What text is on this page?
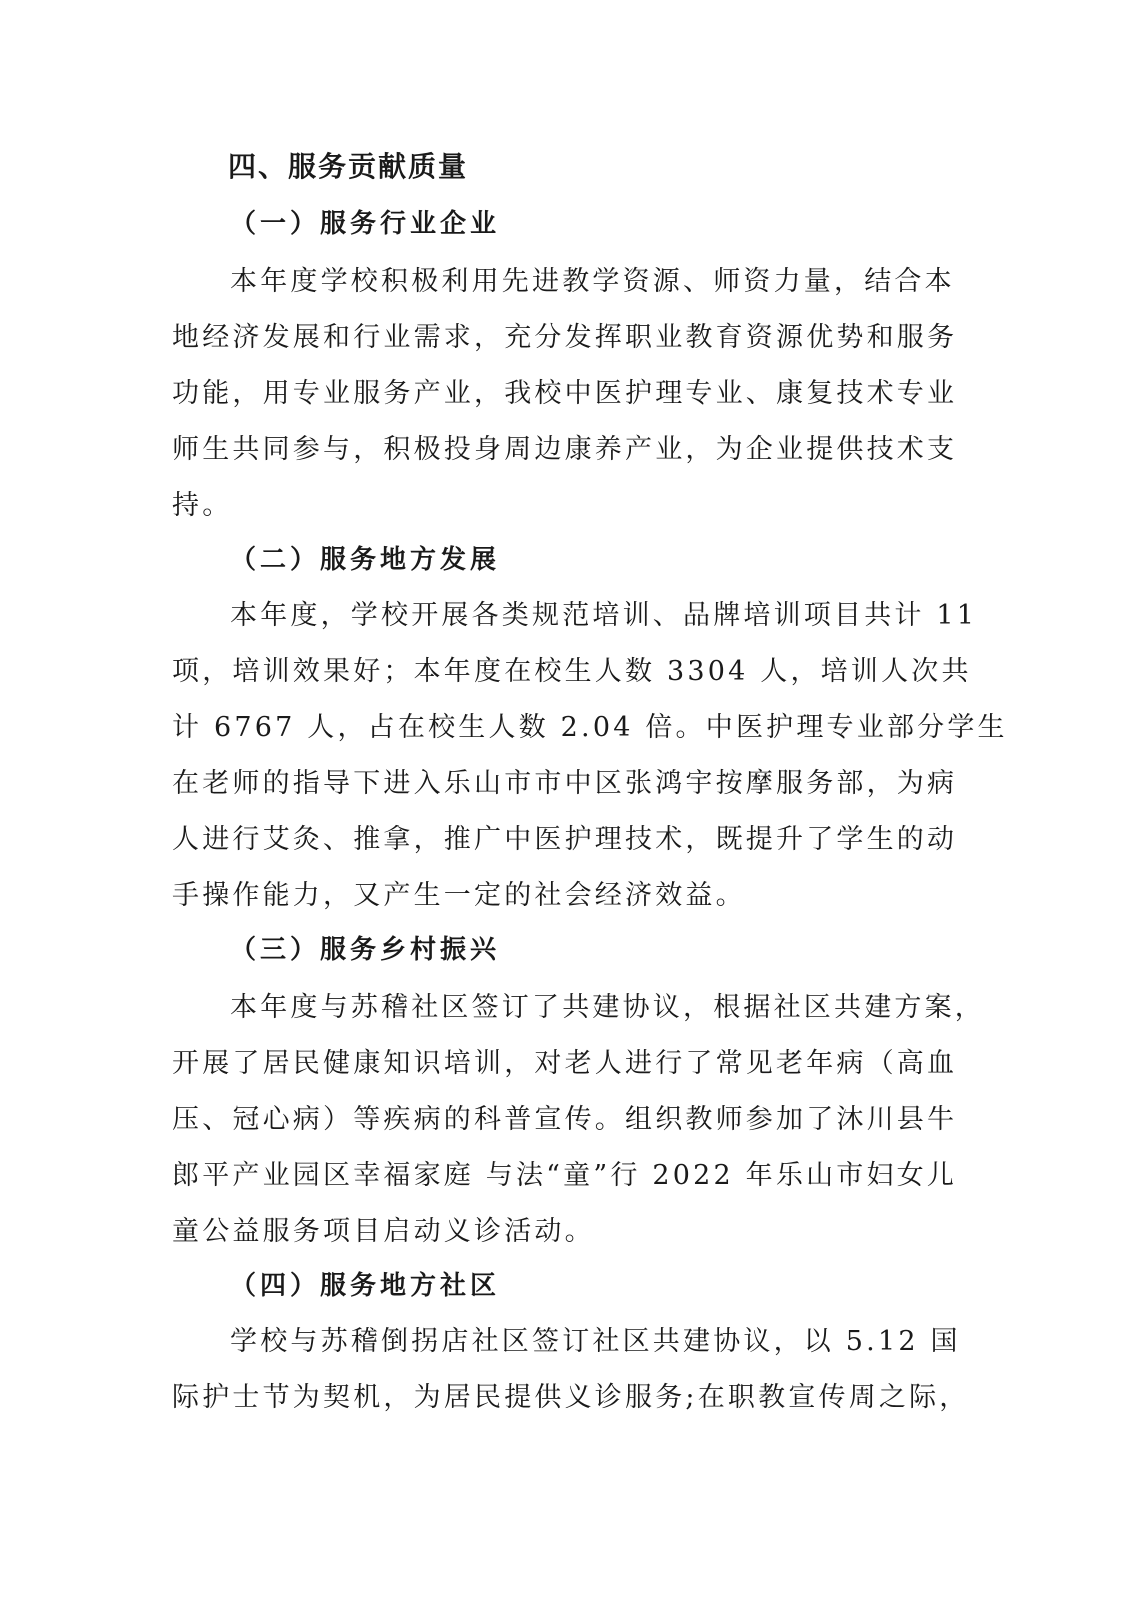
四、服务贡献质量
（一）服务行业企业
本年度学校积极利用先进教学资源、师资力量，结合本
地经济发展和行业需求，充分发挥职业教育资源优势和服务
功能，用专业服务产业，我校中医护理专业、康复技术专业
师生共同参与，积极投身周边康养产业，为企业提供技术支
持。
（二）服务地方发展
本年度，学校开展各类规范培训、品牌培训项目共计 11
项，培训效果好；本年度在校生人数 3304 人，培训人次共
计 6767 人，占在校生人数 2.04 倍。中医护理专业部分学生
在老师的指导下进入乐山市市中区张鸿宇按摩服务部，为病
人进行艾灸、推拿，推广中医护理技术，既提升了学生的动
手操作能力，又产生一定的社会经济效益。
（三）服务乡村振兴
本年度与苏稽社区签订了共建协议，根据社区共建方案，
开展了居民健康知识培训，对老人进行了常见老年病（高血
压、冠心病）等疾病的科普宣传。组织教师参加了沐川县牛
郎平产业园区幸福家庭 与法“童”行 2022 年乐山市妇女儿
童公益服务项目启动义诊活动。
（四）服务地方社区
学校与苏稽倒拐店社区签订社区共建协议，以 5.12 国
际护士节为契机，为居民提供义诊服务;在职教宣传周之际，
